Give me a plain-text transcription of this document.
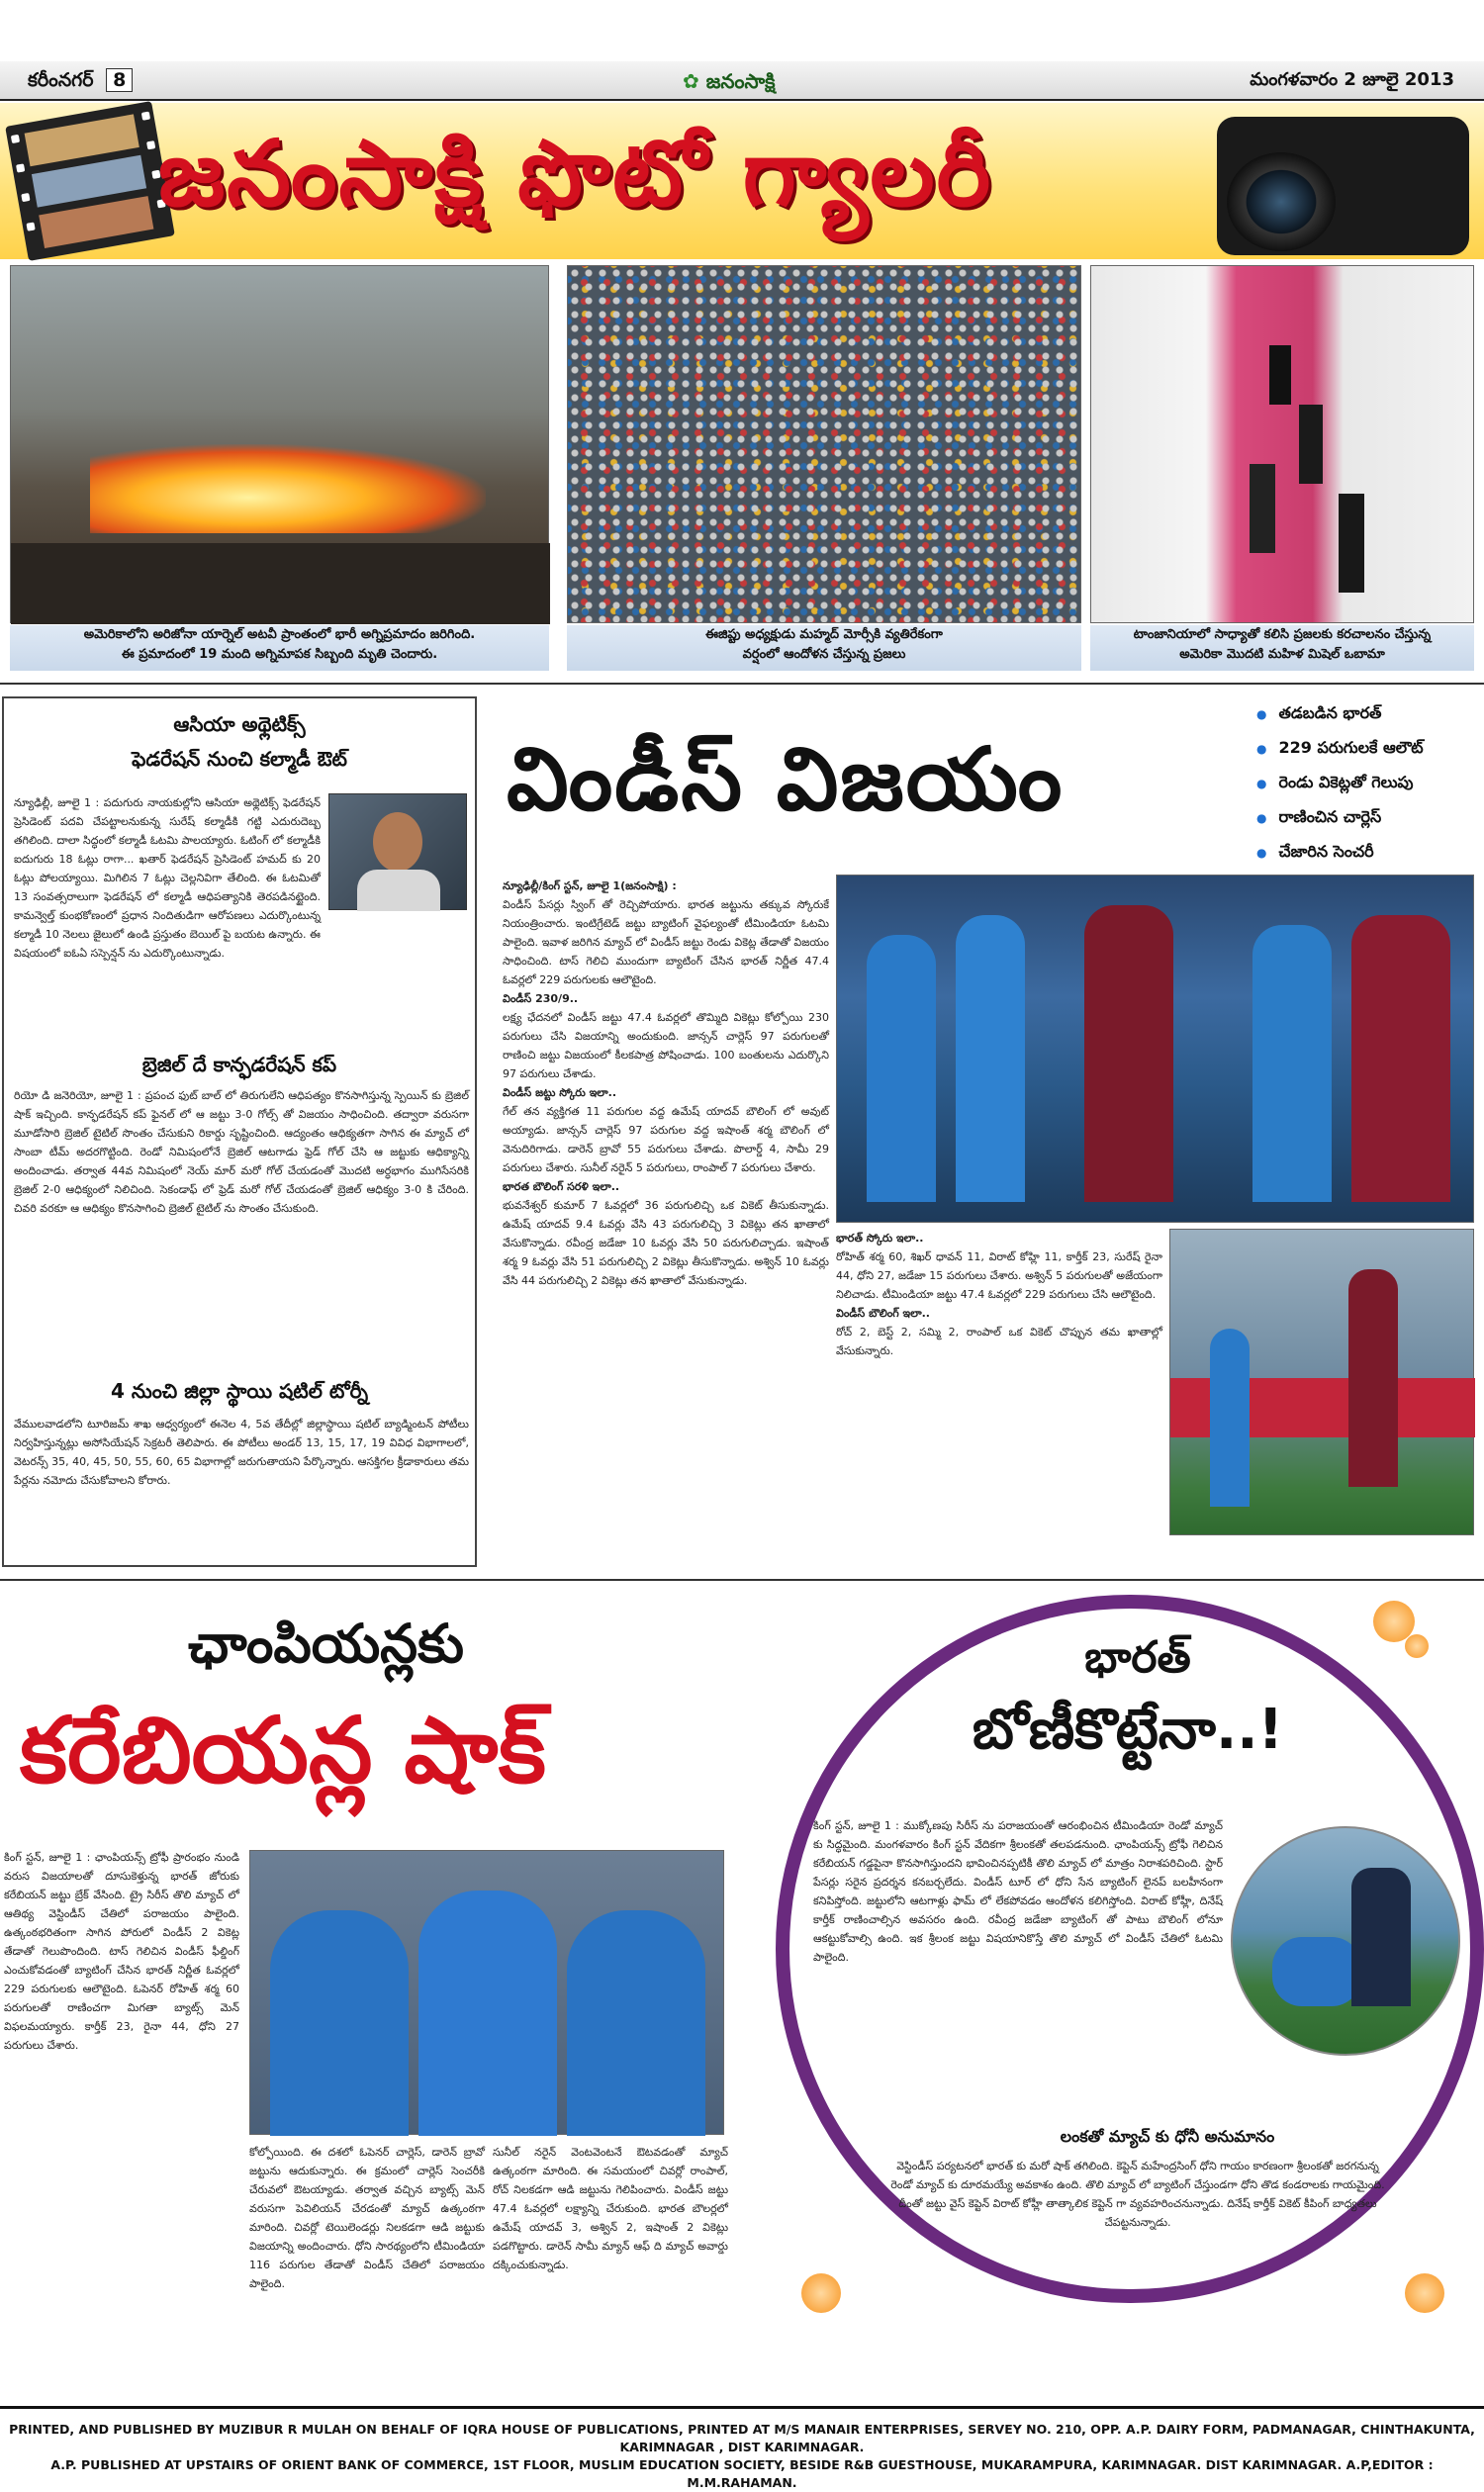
కరీంనగర్ 8	✿ జనంసాక్షి	మంగళవారం 2 జూలై 2013
జనంసాక్షి ఫొటో గ్యాలరీ
అమెరికాలోని అరిజోనా యార్నెల్ అటవీ ప్రాంతంలో భారీ అగ్నిప్రమాదం జరిగింది.
ఈ ప్రమాదంలో 19 మంది అగ్నిమాపక సిబ్బంది మృతి చెందారు.
ఈజిప్టు అధ్యక్షుడు మహ్మద్ మోర్సీకి వ్యతిరేకంగా
వర్షంలో ఆందోళన చేస్తున్న ప్రజలు
టాంజానియాలో సాధ్యాతో కలిసి ప్రజలకు కరచాలనం చేస్తున్న
అమెరికా మొదటి మహిళ మిషెల్ ఒబామా
ఆసియా అథ్లెటిక్స్
ఫెడరేషన్ నుంచి కల్మాడీ ఔట్
న్యూఢిల్లీ, జూలై 1 : పదుగురు నాయకుల్లోని ఆసియా అథ్లెటిక్స్ ఫెడరేషన్ ప్రెసిడెంట్ పదవి చేపట్టాలనుకున్న సురేష్ కల్మాడీకి గట్టి ఎదురుదెబ్బ తగిలింది. దాలా సిద్ధంలో కల్మాడీ ఓటమి పాలయ్యారు. ఓటింగ్ లో కల్మాడీకి ఐదుగురు 18 ఓట్లు రాగా... ఖతార్ ఫెడరేషన్ ప్రెసిడెంట్ హమద్ కు 20 ఓట్లు పోలయ్యాయి. మిగిలిన 7 ఓట్లు చెల్లనివిగా తేలింది. ఈ ఓటమితో 13 సంవత్సరాలుగా ఫెడరేషన్ లో కల్మాడీ ఆధిపత్యానికి తెరపడినట్టైంది. కామన్వెల్త్ కుంభకోణంలో ప్రధాన నిందితుడిగా ఆరోపణలు ఎదుర్కొంటున్న కల్మాడీ 10 నెలలు జైలులో ఉండి ప్రస్తుతం బెయిల్ పై బయట ఉన్నారు. ఈ విషయంలో ఐఓఏ సస్పెన్షన్ ను ఎదుర్కొంటున్నాడు.
బ్రెజిల్ దే కాన్ఫడరేషన్ కప్
రియో డి జనెరియో, జూలై 1 : ప్రపంచ ఫుట్ బాల్ లో తిరుగులేని ఆధిపత్యం కొనసాగిస్తున్న స్పెయిన్ కు బ్రెజిల్ షాక్ ఇచ్చింది. కాన్ఫడరేషన్ కప్ ఫైనల్ లో ఆ జట్టు 3-0 గోల్స్ తో విజయం సాధించింది. తద్వారా వరుసగా మూడోసారి బ్రెజిల్ టైటిల్ సొంతం చేసుకుని రికార్డు సృష్టించింది. ఆద్యంతం ఆధిక్యతగా సాగిన ఈ మ్యాచ్ లో సాంబా టీమ్ అదరగొట్టింది. రెండో నిమిషంలోనే బ్రెజిల్ ఆటగాడు ఫ్రెడ్ గోల్ చేసి ఆ జట్టుకు ఆధిక్యాన్ని అందించాడు. తర్వాత 44వ నిమిషంలో నెయ్ మార్ మరో గోల్ చేయడంతో మొదటి అర్ధభాగం ముగిసేసరికి బ్రెజిల్ 2-0 ఆధిక్యంలో నిలిచింది. సెకండాఫ్ లో ఫ్రెడ్ మరో గోల్ చేయడంతో బ్రెజిల్ ఆధిక్యం 3-0 కి చేరింది. చివరి వరకూ ఆ ఆధిక్యం కొనసాగించి బ్రెజిల్ టైటిల్ ను సొంతం చేసుకుంది.
4 నుంచి జిల్లా స్థాయి షటిల్ టోర్నీ
వేములవాడలోని టూరిజమ్ శాఖ ఆధ్వర్యంలో ఈనెల 4, 5వ తేదీల్లో జిల్లాస్థాయి షటిల్ బ్యాడ్మింటన్ పోటీలు నిర్వహిస్తున్నట్లు అసోసియేషన్ సెక్రటరీ తెలిపారు. ఈ పోటీలు అండర్ 13, 15, 17, 19 వివిధ విభాగాలలో, వెటరన్స్ 35, 40, 45, 50, 55, 60, 65 విభాగాల్లో జరుగుతాయని పేర్కొన్నారు. ఆసక్తిగల క్రీడాకారులు తమ పేర్లను నమోదు చేసుకోవాలని కోరారు.
విండీస్ విజయం
● తడబడిన భారత్
● 229 పరుగులకే ఆలౌట్
● రెండు వికెట్లతో గెలుపు
● రాణించిన చార్లెస్
● చేజారిన సెంచరీ
న్యూఢిల్లీ/కింగ్ స్టన్, జూలై 1(జనంసాక్షి) :
విండీస్ పేసర్లు స్వింగ్ తో రెచ్చిపోయారు. భారత జట్టును తక్కువ స్కోరుకే నియంత్రించారు. ఇంటిగ్రేటెడ్ జట్టు బ్యాటింగ్ వైఫల్యంతో టీమిండియా ఓటమి పాలైంది. ఇవాళ జరిగిన మ్యాచ్ లో విండీస్ జట్టు రెండు వికెట్ల తేడాతో విజయం సాధించింది. టాస్ గెలిచి ముందుగా బ్యాటింగ్ చేసిన భారత్ నిర్ణీత 47.4 ఓవర్లలో 229 పరుగులకు ఆలౌటైంది.
విండీస్ 230/9..
లక్ష్య ఛేదనలో విండీస్ జట్టు 47.4 ఓవర్లలో తొమ్మిది వికెట్లు కోల్పోయి 230 పరుగులు చేసి విజయాన్ని అందుకుంది. జాన్సన్ చార్లెస్ 97 పరుగులతో రాణించి జట్టు విజయంలో కీలకపాత్ర పోషించాడు. 100 బంతులను ఎదుర్కొని 97 పరుగులు చేశాడు.
విండీస్ జట్టు స్కోరు ఇలా..
గేల్ తన వ్యక్తిగత 11 పరుగుల వద్ద ఉమేష్ యాదవ్ బౌలింగ్ లో అవుట్ అయ్యాడు. జాన్సన్ చార్లెస్ 97 పరుగుల వద్ద ఇషాంత్ శర్మ బౌలింగ్ లో వెనుదిరిగాడు. డారెన్ బ్రావో 55 పరుగులు చేశాడు. పొలార్డ్ 4, సామీ 29 పరుగులు చేశారు. సునీల్ నరైన్ 5 పరుగులు, రాంపాల్ 7 పరుగులు చేశారు.
భారత బౌలింగ్ సరళి ఇలా..
భువనేశ్వర్ కుమార్ 7 ఓవర్లలో 36 పరుగులిచ్చి ఒక వికెట్ తీసుకున్నాడు. ఉమేష్ యాదవ్ 9.4 ఓవర్లు వేసి 43 పరుగులిచ్చి 3 వికెట్లు తన ఖాతాలో వేసుకొన్నాడు. రవీంద్ర జడేజా 10 ఓవర్లు వేసి 50 పరుగులిచ్చాడు. ఇషాంత్ శర్మ 9 ఓవర్లు వేసి 51 పరుగులిచ్చి 2 వికెట్లు తీసుకొన్నాడు. అశ్విన్ 10 ఓవర్లు వేసి 44 పరుగులిచ్చి 2 వికెట్లు తన ఖాతాలో వేసుకున్నాడు.
భారత్ స్కోరు ఇలా..
రోహిత్ శర్మ 60, శిఖర్ ధావన్ 11, విరాట్ కోహ్లి 11, కార్తీక్ 23, సురేష్ రైనా 44, ధోని 27, జడేజా 15 పరుగులు చేశారు. అశ్విన్ 5 పరుగులతో అజేయంగా నిలిచాడు. టీమిండియా జట్టు 47.4 ఓవర్లలో 229 పరుగులు చేసి ఆలౌటైంది.
విండీస్ బౌలింగ్ ఇలా..
రోచ్ 2, బెస్ట్ 2, సమ్మి 2, రాంపాల్ ఒక వికెట్ చొప్పున తమ ఖాతాల్లో వేసుకున్నారు.
ఛాంపియన్లకు
కరేబియన్ల షాక్
కింగ్ స్టన్, జూలై 1 : ఛాంపియన్స్ ట్రోఫీ ప్రారంభం నుండి వరుస విజయాలతో దూసుకెళ్తున్న భారత్ జోరుకు కరేబియన్ జట్టు బ్రేక్ వేసింది. ట్రై సిరీస్ తొలి మ్యాచ్ లో ఆతిథ్య వెస్టిండీస్ చేతిలో పరాజయం పాలైంది. ఉత్కంఠభరితంగా సాగిన పోరులో విండీస్ 2 వికెట్ల తేడాతో గెలుపొందింది. టాస్ గెలిచిన విండీస్ ఫీల్డింగ్ ఎంచుకోవడంతో బ్యాటింగ్ చేసిన భారత్ నిర్ణీత ఓవర్లలో 229 పరుగులకు ఆలౌటైంది. ఓపెనర్ రోహిత్ శర్మ 60 పరుగులతో రాణించగా మిగతా బ్యాట్స్ మెన్ విఫలమయ్యారు. కార్తీక్ 23, రైనా 44, ధోని 27 పరుగులు చేశారు.
కోల్పోయింది. ఈ దశలో ఓపెనర్ చార్లెస్, డారెన్ బ్రావో జట్టును ఆదుకున్నారు. ఈ క్రమంలో చార్లెస్ సెంచరీకి చేరువలో ఔటయ్యాడు. తర్వాత వచ్చిన బ్యాట్స్ మెన్ వరుసగా పెవిలియన్ చేరడంతో మ్యాచ్ ఉత్కంఠగా మారింది. చివర్లో టెయిలెండర్లు నిలకడగా ఆడి జట్టుకు విజయాన్ని అందించారు. ధోని సారథ్యంలోని టీమిండియా 116 పరుగుల తేడాతో విండీస్ చేతిలో పరాజయం పాలైంది.
సునీల్ నరైన్ వెంటవెంటనే ఔటవడంతో మ్యాచ్ ఉత్కంఠగా మారింది. ఈ సమయంలో చివర్లో రాంపాల్, రోచ్ నిలకడగా ఆడి జట్టును గెలిపించారు. విండీస్ జట్టు 47.4 ఓవర్లలో లక్ష్యాన్ని చేరుకుంది. భారత బౌలర్లలో ఉమేష్ యాదవ్ 3, అశ్విన్ 2, ఇషాంత్ 2 వికెట్లు పడగొట్టారు. డారెన్ సామీ మ్యాన్ ఆఫ్ ది మ్యాచ్ అవార్డు దక్కించుకున్నాడు.
భారత్
బోణీకొట్టేనా..!
కింగ్ స్టన్, జూలై 1 : ముక్కోణపు సిరీస్ ను పరాజయంతో ఆరంభించిన టీమిండియా రెండో మ్యాచ్ కు సిద్ధమైంది. మంగళవారం కింగ్ స్టన్ వేదికగా శ్రీలంకతో తలపడనుంది. ఛాంపియన్స్ ట్రోఫీ గెలిచిన కరేబియన్ గడ్డపైనా కొనసాగిస్తుందని భావించినప్పటికీ తొలి మ్యాచ్ లో మాత్రం నిరాశపరిచింది. స్టార్ పేసర్లు సరైన ప్రదర్శన కనబర్చలేదు. విండీస్ టూర్ లో ధోని సేన బ్యాటింగ్ లైనప్ బలహీనంగా కనిపిస్తోంది. జట్టులోని ఆటగాళ్లు ఫామ్ లో లేకపోవడం ఆందోళన కలిగిస్తోంది. విరాట్ కోహ్లీ, దినేష్ కార్తీక్ రాణించాల్సిన అవసరం ఉంది. రవీంద్ర జడేజా బ్యాటింగ్ తో పాటు బౌలింగ్ లోనూ ఆకట్టుకోవాల్సి ఉంది. ఇక శ్రీలంక జట్టు విషయానికొస్తే తొలి మ్యాచ్ లో విండీస్ చేతిలో ఓటమి పాలైంది.
లంకతో మ్యాచ్ కు ధోనీ అనుమానం
వెస్టిండీస్ పర్యటనలో భారత్ కు మరో షాక్ తగిలింది. కెప్టెన్ మహేంద్రసింగ్ ధోని గాయం కారణంగా శ్రీలంకతో జరగనున్న రెండో మ్యాచ్ కు దూరమయ్యే అవకాశం ఉంది. తొలి మ్యాచ్ లో బ్యాటింగ్ చేస్తుండగా ధోని తొడ కండరాలకు గాయమైంది. దీంతో జట్టు వైస్ కెప్టెన్ విరాట్ కోహ్లీ తాత్కాలిక కెప్టెన్ గా వ్యవహరించనున్నాడు. దినేష్ కార్తీక్ వికెట్ కీపింగ్ బాధ్యతలు చేపట్టనున్నాడు.
PRINTED, AND PUBLISHED BY MUZIBUR R MULAH ON BEHALF OF IQRA HOUSE OF PUBLICATIONS, PRINTED AT M/S MANAIR ENTERPRISES, SERVEY NO. 210, OPP. A.P. DAIRY FORM, PADMANAGAR, CHINTHAKUNTA, KARIMNAGAR , DIST KARIMNAGAR.
A.P. PUBLISHED AT UPSTAIRS OF ORIENT BANK OF COMMERCE, 1ST FLOOR, MUSLIM EDUCATION SOCIETY, BESIDE R&B GUESTHOUSE, MUKARAMPURA, KARIMNAGAR. DIST KARIMNAGAR. A.P,EDITOR : M.M.RAHAMAN.
